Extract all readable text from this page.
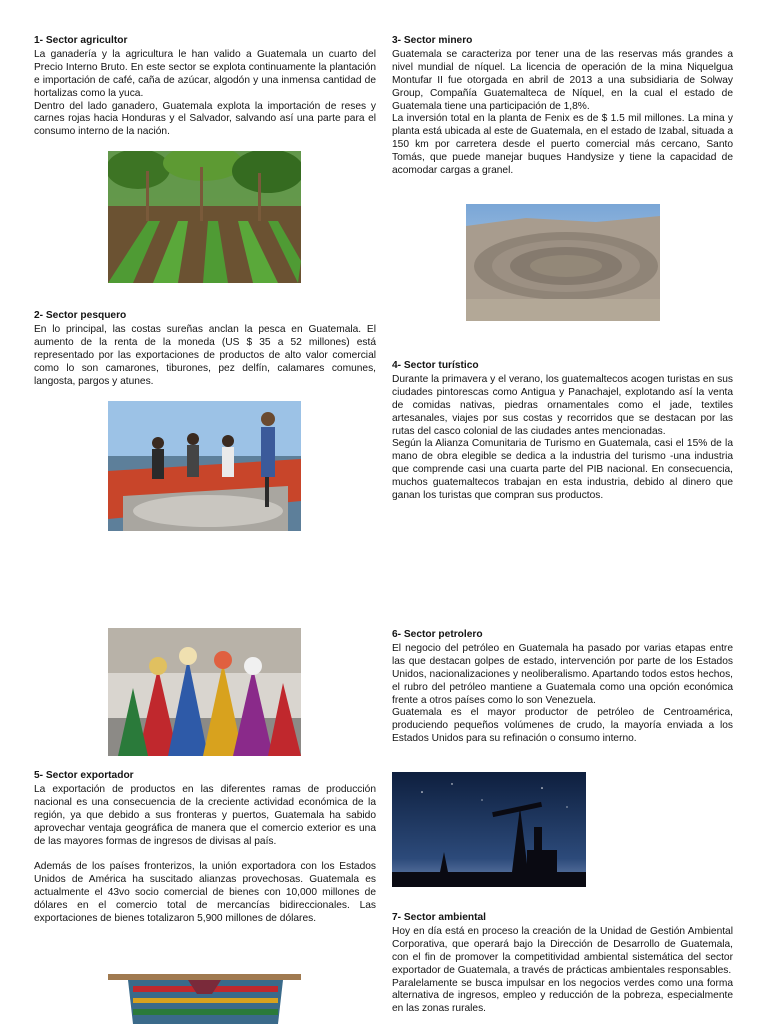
1- Sector agricultor

La ganadería y la agricultura le han valido a Guatemala un cuarto del Precio Interno Bruto. En este sector se explota continuamente la plantación e importación de café, caña de azúcar, algodón y una inmensa cantidad de hortalizas como la yuca.

Dentro del lado ganadero, Guatemala explota la importación de reses y carnes rojas hacia Honduras y el Salvador, salvando así una parte para el consumo interno de la nación.

2- Sector pesquero

En lo principal, las costas sureñas anclan la pesca en Guatemala. El aumento de la renta de la moneda (US $ 35 a 52 millones) está representado por las exportaciones de productos de alto valor comercial como lo son camarones, tiburones, pez delfín, calamares comunes, langosta, pargos y atunes.

5- Sector exportador

La exportación de productos en las diferentes ramas de producción nacional es una consecuencia de la creciente actividad económica de la región, ya que debido a sus fronteras y puertos, Guatemala ha sabido aprovechar ventaja geográfica de manera que el comercio exterior es una de las mayores formas de ingresos de divisas al país.

Además de los países fronterizos, la unión exportadora con los Estados Unidos de América ha suscitado alianzas provechosas. Guatemala es actualmente el 43vo socio comercial de bienes con 10,000 millones de dólares en el comercio total de mercancías bidireccionales. Las exportaciones de bienes totalizaron 5,900 millones de dólares.

3- Sector minero

Guatemala se caracteriza por tener una de las reservas más grandes a nivel mundial de níquel. La licencia de operación de la mina Niquelgua Montufar II fue otorgada en abril de 2013 a una subsidiaria de Solway Group, Compañía Guatemalteca de Níquel, en la cual el estado de Guatemala tiene una participación de 1,8%.

La inversión total en la planta de Fenix es de $ 1.5 mil millones. La mina y planta está ubicada al este de Guatemala, en el estado de Izabal, situada a 150 km por carretera desde el puerto comercial más cercano, Santo Tomás, que puede manejar buques Handysize y tiene la capacidad de acomodar cargas a granel.

4- Sector turístico

Durante la primavera y el verano, los guatemaltecos acogen turistas en sus ciudades pintorescas como Antigua y Panachajel, explotando así la venta de comidas nativas, piedras ornamentales como el jade, textiles artesanales, viajes por sus costas y recorridos que se destacan por las rutas del casco colonial de las ciudades antes mencionadas.

Según la Alianza Comunitaria de Turismo en Guatemala, casi el 15% de la mano de obra elegible se dedica a la industria del turismo -una industria que comprende casi una cuarta parte del PIB nacional. En consecuencia, muchos guatemaltecos trabajan en esta industria, debido al dinero que ganan los turistas que compran sus productos.

6- Sector petrolero

El negocio del petróleo en Guatemala ha pasado por varias etapas entre las que destacan golpes de estado, intervención por parte de los Estados Unidos, nacionalizaciones y neoliberalismo. Apartando todos estos hechos, el rubro del petróleo mantiene a Guatemala como una opción económica frente a otros países como lo son Venezuela.

Guatemala es el mayor productor de petróleo de Centroamérica, produciendo pequeños volúmenes de crudo, la mayoría enviada a los Estados Unidos para su refinación o consumo interno.

7- Sector ambiental

Hoy en día está en proceso la creación de la Unidad de Gestión Ambiental Corporativa, que operará bajo la Dirección de Desarrollo de Guatemala, con el fin de promover la competitividad ambiental sistemática del sector exportador de Guatemala, a través de prácticas ambientales responsables.

Paralelamente se busca impulsar en los negocios verdes como una forma alternativa de ingresos, empleo y reducción de la pobreza, especialmente en las zonas rurales.
